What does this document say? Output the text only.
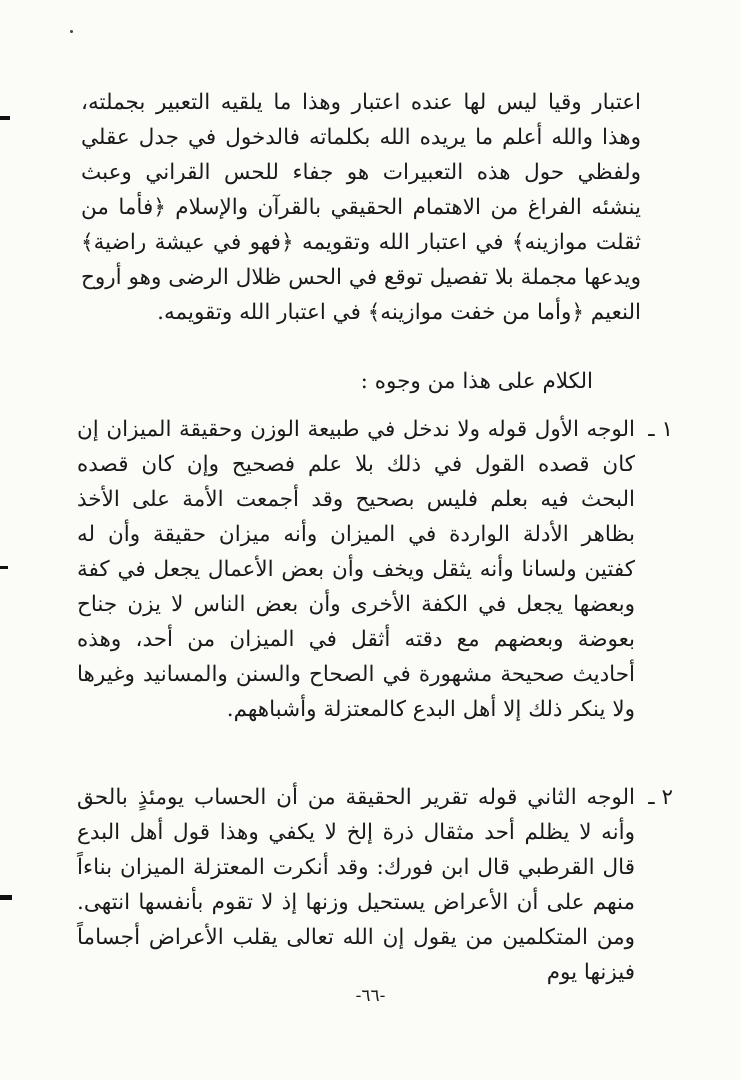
اعتبار وقيا ليس لها عنده اعتبار وهذا ما يلقيه التعبير بجملته، وهذا والله أعلم ما يريده الله بكلماته فالدخول في جدل عقلي ولفظي حول هذه التعبيرات هو جفاء للحس القراني وعبث ينشئه الفراغ من الاهتمام الحقيقي بالقرآن والإسلام ﴿فأما من ثقلت موازينه﴾ في اعتبار الله وتقويمه ﴿فهو في عيشة راضية﴾ ويدعها مجملة بلا تفصيل توقع في الحس ظلال الرضى وهو أروح النعيم ﴿وأما من خفت موازينه﴾ في اعتبار الله وتقويمه.

الكلام على هذا من وجوه :

١ ـ
الوجه الأول قوله ولا ندخل في طبيعة الوزن وحقيقة الميزان إن كان قصده القول في ذلك بلا علم فصحيح وإن كان قصده البحث فيه بعلم فليس بصحيح وقد أجمعت الأمة على الأخذ بظاهر الأدلة الواردة في الميزان وأنه ميزان حقيقة وأن له كفتين ولسانا وأنه يثقل ويخف وأن بعض الأعمال يجعل في كفة وبعضها يجعل في الكفة الأخرى وأن بعض الناس لا يزن جناح بعوضة وبعضهم مع دقته أثقل في الميزان من أحد، وهذه أحاديث صحيحة مشهورة في الصحاح والسنن والمسانيد وغيرها ولا ينكر ذلك إلا أهل البدع كالمعتزلة وأشباههم.
٢ ـ
الوجه الثاني قوله تقرير الحقيقة من أن الحساب يومئذٍ بالحق وأنه لا يظلم أحد مثقال ذرة إلخ لا يكفي وهذا قول أهل البدع قال القرطبي قال ابن فورك: وقد أنكرت المعتزلة الميزان بناءاً منهم على أن الأعراض يستحيل وزنها إذ لا تقوم بأنفسها انتهى. ومن المتكلمين من يقول إن الله تعالى يقلب الأعراض أجساماً فيزنها يوم
-٦٦-
